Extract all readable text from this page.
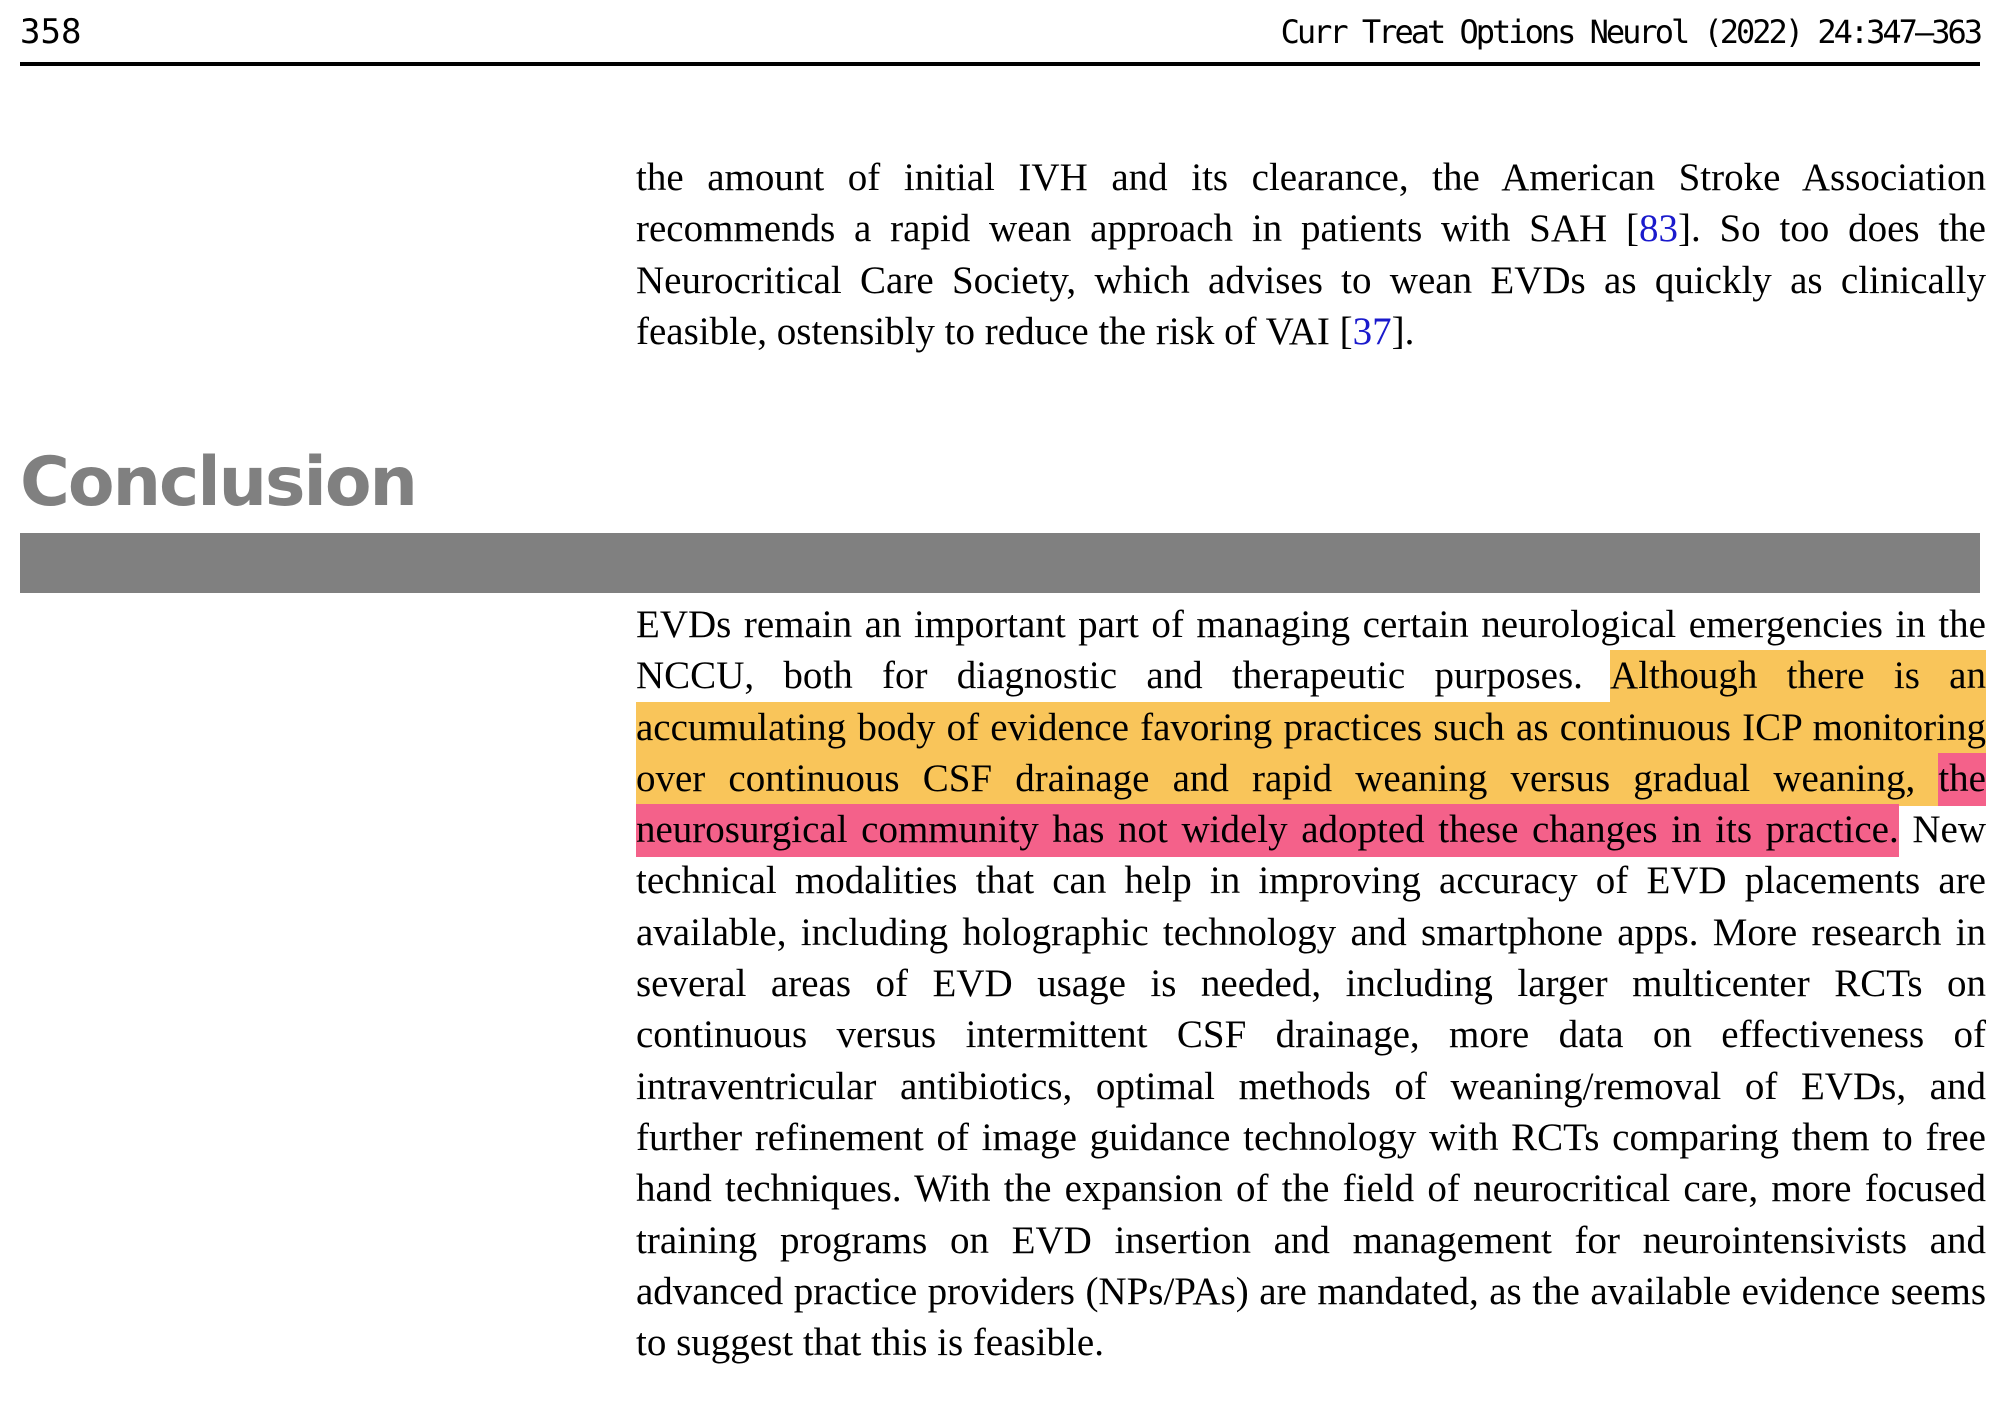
358	Curr Treat Options Neurol (2022) 24:347–363

the amount of initial IVH and its clearance, the American Stroke Association recommends a rapid wean approach in patients with SAH [83]. So too does the Neurocritical Care Society, which advises to wean EVDs as quickly as clinically feasible, ostensibly to reduce the risk of VAI [37].

Conclusion

EVDs remain an important part of managing certain neurological emergencies in the NCCU, both for diagnostic and therapeutic purposes. Although there is an accumulating body of evidence favoring practices such as continuous ICP monitoring over continuous CSF drainage and rapid weaning versus gradual weaning, the neurosurgical community has not widely adopted these changes in its practice. New technical modalities that can help in improving accuracy of EVD placements are available, including holographic technology and smartphone apps. More research in several areas of EVD usage is needed, including larger multicenter RCTs on continuous versus intermittent CSF drainage, more data on effectiveness of intraventricular antibiotics, optimal methods of weaning/removal of EVDs, and further refinement of image guidance technology with RCTs comparing them to free hand techniques. With the expansion of the field of neurocritical care, more focused training programs on EVD insertion and management for neurointensivists and advanced practice providers (NPs/PAs) are mandated, as the available evidence seems to suggest that this is feasible.
